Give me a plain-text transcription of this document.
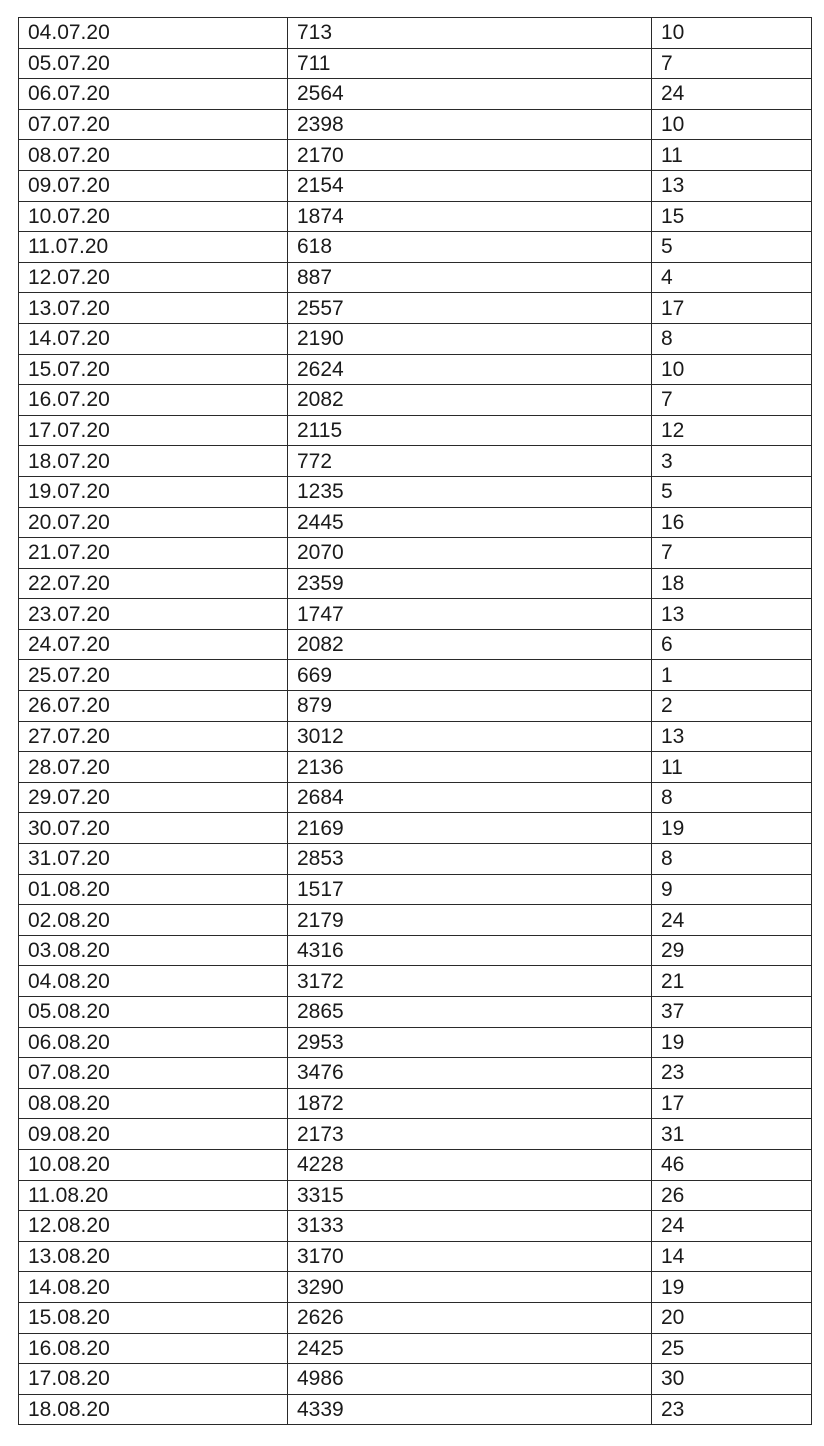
04.07.20	713	10
05.07.20	711	7
06.07.20	2564	24
07.07.20	2398	10
08.07.20	2170	11
09.07.20	2154	13
10.07.20	1874	15
11.07.20	618	5
12.07.20	887	4
13.07.20	2557	17
14.07.20	2190	8
15.07.20	2624	10
16.07.20	2082	7
17.07.20	2115	12
18.07.20	772	3
19.07.20	1235	5
20.07.20	2445	16
21.07.20	2070	7
22.07.20	2359	18
23.07.20	1747	13
24.07.20	2082	6
25.07.20	669	1
26.07.20	879	2
27.07.20	3012	13
28.07.20	2136	11
29.07.20	2684	8
30.07.20	2169	19
31.07.20	2853	8
01.08.20	1517	9
02.08.20	2179	24
03.08.20	4316	29
04.08.20	3172	21
05.08.20	2865	37
06.08.20	2953	19
07.08.20	3476	23
08.08.20	1872	17
09.08.20	2173	31
10.08.20	4228	46
11.08.20	3315	26
12.08.20	3133	24
13.08.20	3170	14
14.08.20	3290	19
15.08.20	2626	20
16.08.20	2425	25
17.08.20	4986	30
18.08.20	4339	23
